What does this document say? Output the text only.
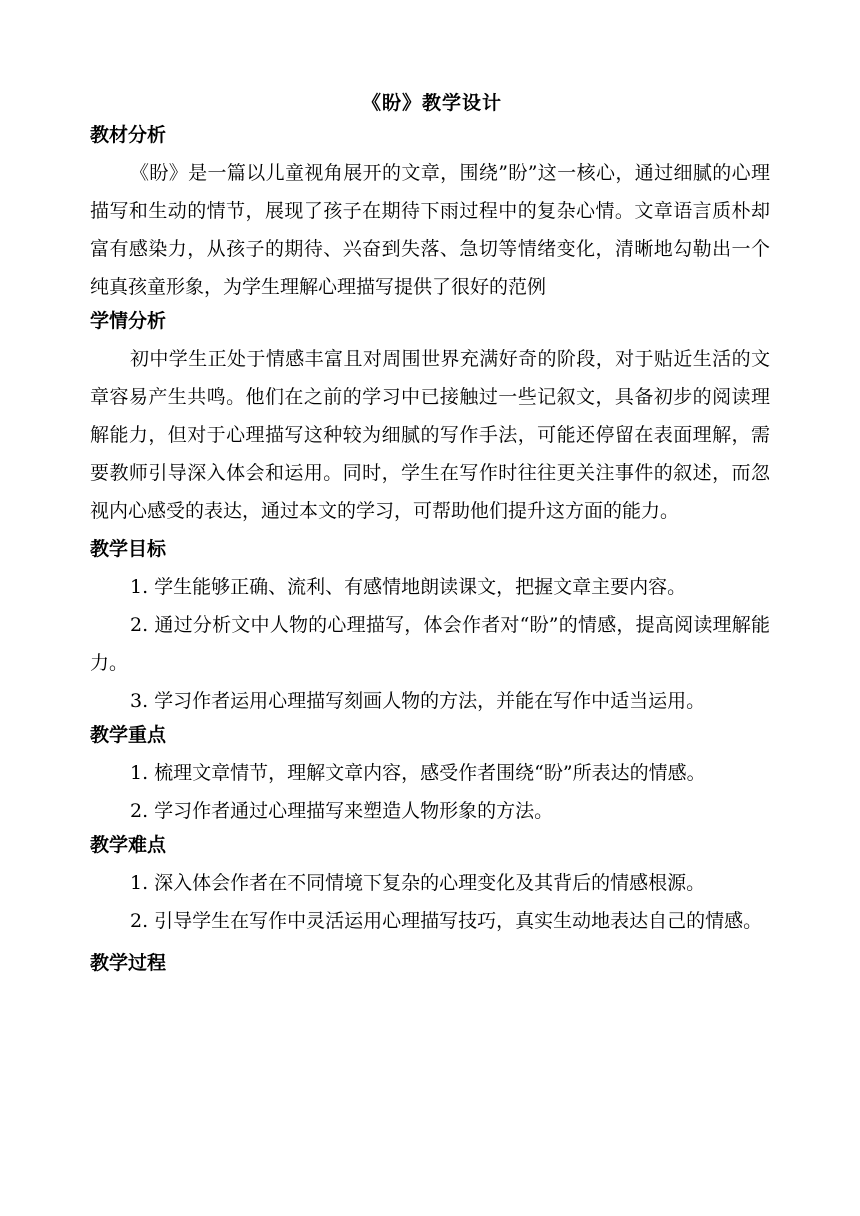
《盼》教学设计
教材分析

《盼》是一篇以儿童视角展开的文章，围绕”盼”这一核心，通过细腻的心理描写和生动的情节，展现了孩子在期待下雨过程中的复杂心情。文章语言质朴却富有感染力，从孩子的期待、兴奋到失落、急切等情绪变化，清晰地勾勒出一个纯真孩童形象，为学生理解心理描写提供了很好的范例

学情分析

初中学生正处于情感丰富且对周围世界充满好奇的阶段，对于贴近生活的文章容易产生共鸣。他们在之前的学习中已接触过一些记叙文，具备初步的阅读理解能力，但对于心理描写这种较为细腻的写作手法，可能还停留在表面理解，需要教师引导深入体会和运用。同时，学生在写作时往往更关注事件的叙述，而忽视内心感受的表达，通过本文的学习，可帮助他们提升这方面的能力。

教学目标

1. 学生能够正确、流利、有感情地朗读课文，把握文章主要内容。

2. 通过分析文中人物的心理描写，体会作者对“盼”的情感，提高阅读理解能力。

3. 学习作者运用心理描写刻画人物的方法，并能在写作中适当运用。

教学重点

1. 梳理文章情节，理解文章内容，感受作者围绕“盼”所表达的情感。

2. 学习作者通过心理描写来塑造人物形象的方法。

教学难点

1. 深入体会作者在不同情境下复杂的心理变化及其背后的情感根源。

2. 引导学生在写作中灵活运用心理描写技巧，真实生动地表达自己的情感。

教学过程
